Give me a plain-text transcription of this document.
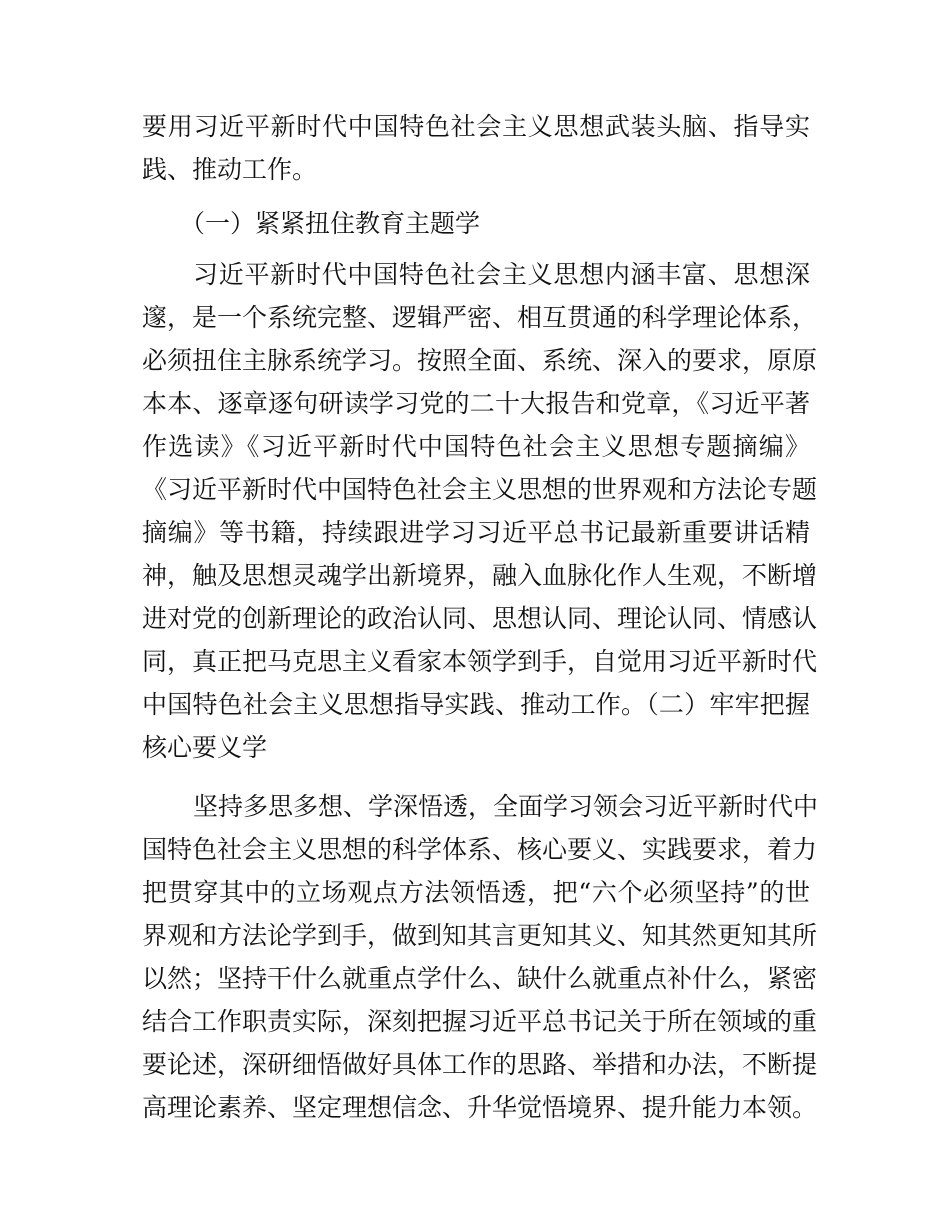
要用习近平新时代中国特色社会主义思想武装头脑、指导实
践、推动工作。
（一）紧紧扭住教育主题学
习近平新时代中国特色社会主义思想内涵丰富、思想深
邃，是一个系统完整、逻辑严密、相互贯通的科学理论体系，
必须扭住主脉系统学习。按照全面、系统、深入的要求，原原
本本、逐章逐句研读学习党的二十大报告和党章，《习近平著
作选读》《习近平新时代中国特色社会主义思想专题摘编》
《习近平新时代中国特色社会主义思想的世界观和方法论专题
摘编》等书籍，持续跟进学习习近平总书记最新重要讲话精
神，触及思想灵魂学出新境界，融入血脉化作人生观，不断增
进对党的创新理论的政治认同、思想认同、理论认同、情感认
同，真正把马克思主义看家本领学到手，自觉用习近平新时代
中国特色社会主义思想指导实践、推动工作。（二）牢牢把握
核心要义学
坚持多思多想、学深悟透，全面学习领会习近平新时代中
国特色社会主义思想的科学体系、核心要义、实践要求，着力
把贯穿其中的立场观点方法领悟透，把“六个必须坚持”的世
界观和方法论学到手，做到知其言更知其义、知其然更知其所
以然；坚持干什么就重点学什么、缺什么就重点补什么，紧密
结合工作职责实际，深刻把握习近平总书记关于所在领域的重
要论述，深研细悟做好具体工作的思路、举措和办法，不断提
高理论素养、坚定理想信念、升华觉悟境界、提升能力本领。
